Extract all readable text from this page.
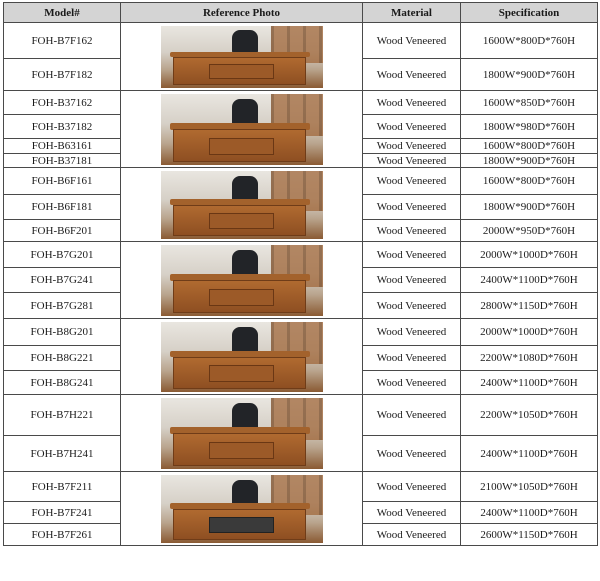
Model#	Reference Photo	Material	Specification
FOH-B7F162		Wood Veneered	1600W*800D*760H
FOH-B7F182		Wood Veneered	1800W*900D*760H
FOH-B37162		Wood Veneered	1600W*850D*760H
FOH-B37182		Wood Veneered	1800W*980D*760H
FOH-B63161		Wood Veneered	1600W*800D*760H
FOH-B37181		Wood Veneered	1800W*900D*760H
FOH-B6F161		Wood Veneered	1600W*800D*760H
FOH-B6F181		Wood Veneered	1800W*900D*760H
FOH-B6F201		Wood Veneered	2000W*950D*760H
FOH-B7G201		Wood Veneered	2000W*1000D*760H
FOH-B7G241		Wood Veneered	2400W*1100D*760H
FOH-B7G281		Wood Veneered	2800W*1150D*760H
FOH-B8G201		Wood Veneered	2000W*1000D*760H
FOH-B8G221		Wood Veneered	2200W*1080D*760H
FOH-B8G241		Wood Veneered	2400W*1100D*760H
FOH-B7H221		Wood Veneered	2200W*1050D*760H
FOH-B7H241		Wood Veneered	2400W*1100D*760H
FOH-B7F211		Wood Veneered	2100W*1050D*760H
FOH-B7F241		Wood Veneered	2400W*1100D*760H
FOH-B7F261		Wood Veneered	2600W*1150D*760H
